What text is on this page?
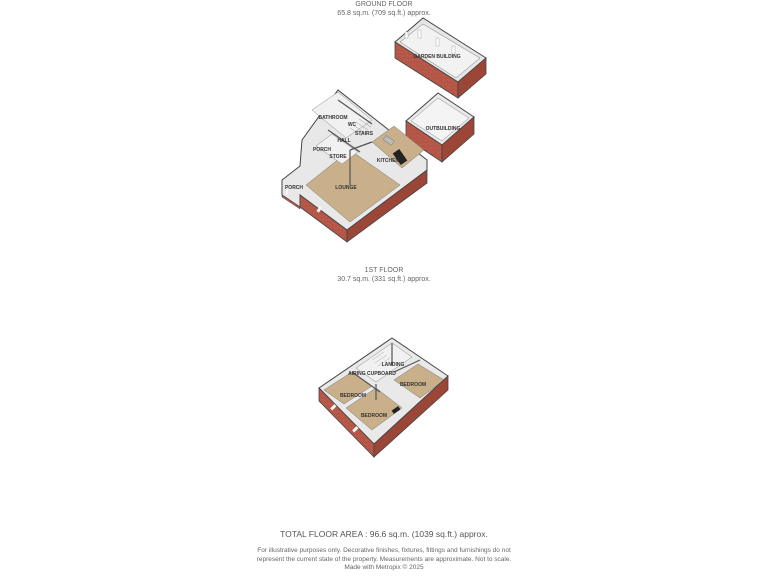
GROUND FLOOR
65.8 sq.m. (709 sq.ft.) approx.
1ST FLOOR
30.7 sq.m. (331 sq.ft.) approx.
GARDEN BUILDING
OUTBUILDING
BATHROOM
WC
HALL
STAIRS
PORCH
STORE
KITCHEN
PORCH	LOUNGE
LANDING
AIRING CUPBOARD
BEDROOM
BEDROOM
BEDROOM
TOTAL FLOOR AREA : 96.6 sq.m. (1039 sq.ft.) approx.
For illustrative purposes only. Decorative finishes, fixtures, fittings and furnishings do not
represent the current state of the property. Measurements are approximate. Not to scale.
Made with Metropix © 2025
